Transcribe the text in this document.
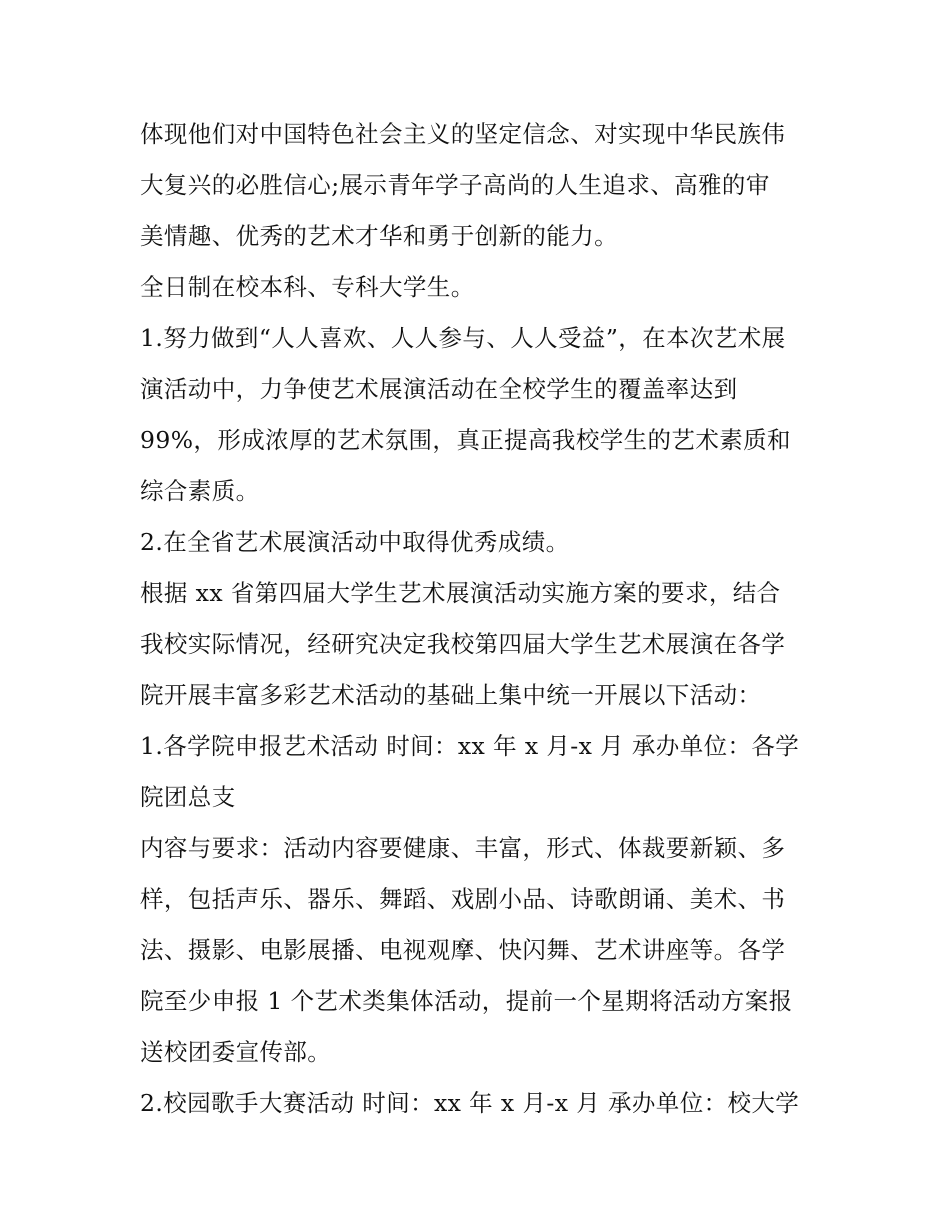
体现他们对中国特色社会主义的坚定信念、对实现中华民族伟
大复兴的必胜信心;展示青年学子高尚的人生追求、高雅的审
美情趣、优秀的艺术才华和勇于创新的能力。
全日制在校本科、专科大学生。
1.努力做到“人人喜欢、人人参与、人人受益”，在本次艺术展
演活动中，力争使艺术展演活动在全校学生的覆盖率达到
99%，形成浓厚的艺术氛围，真正提高我校学生的艺术素质和
综合素质。
2.在全省艺术展演活动中取得优秀成绩。
根据 xx 省第四届大学生艺术展演活动实施方案的要求，结合
我校实际情况，经研究决定我校第四届大学生艺术展演在各学
院开展丰富多彩艺术活动的基础上集中统一开展以下活动：
1.各学院申报艺术活动 时间：xx 年 x 月-x 月 承办单位：各学
院团总支
内容与要求：活动内容要健康、丰富，形式、体裁要新颖、多
样，包括声乐、器乐、舞蹈、戏剧小品、诗歌朗诵、美术、书
法、摄影、电影展播、电视观摩、快闪舞、艺术讲座等。各学
院至少申报 1 个艺术类集体活动，提前一个星期将活动方案报
送校团委宣传部。
2.校园歌手大赛活动 时间：xx 年 x 月-x 月 承办单位：校大学
